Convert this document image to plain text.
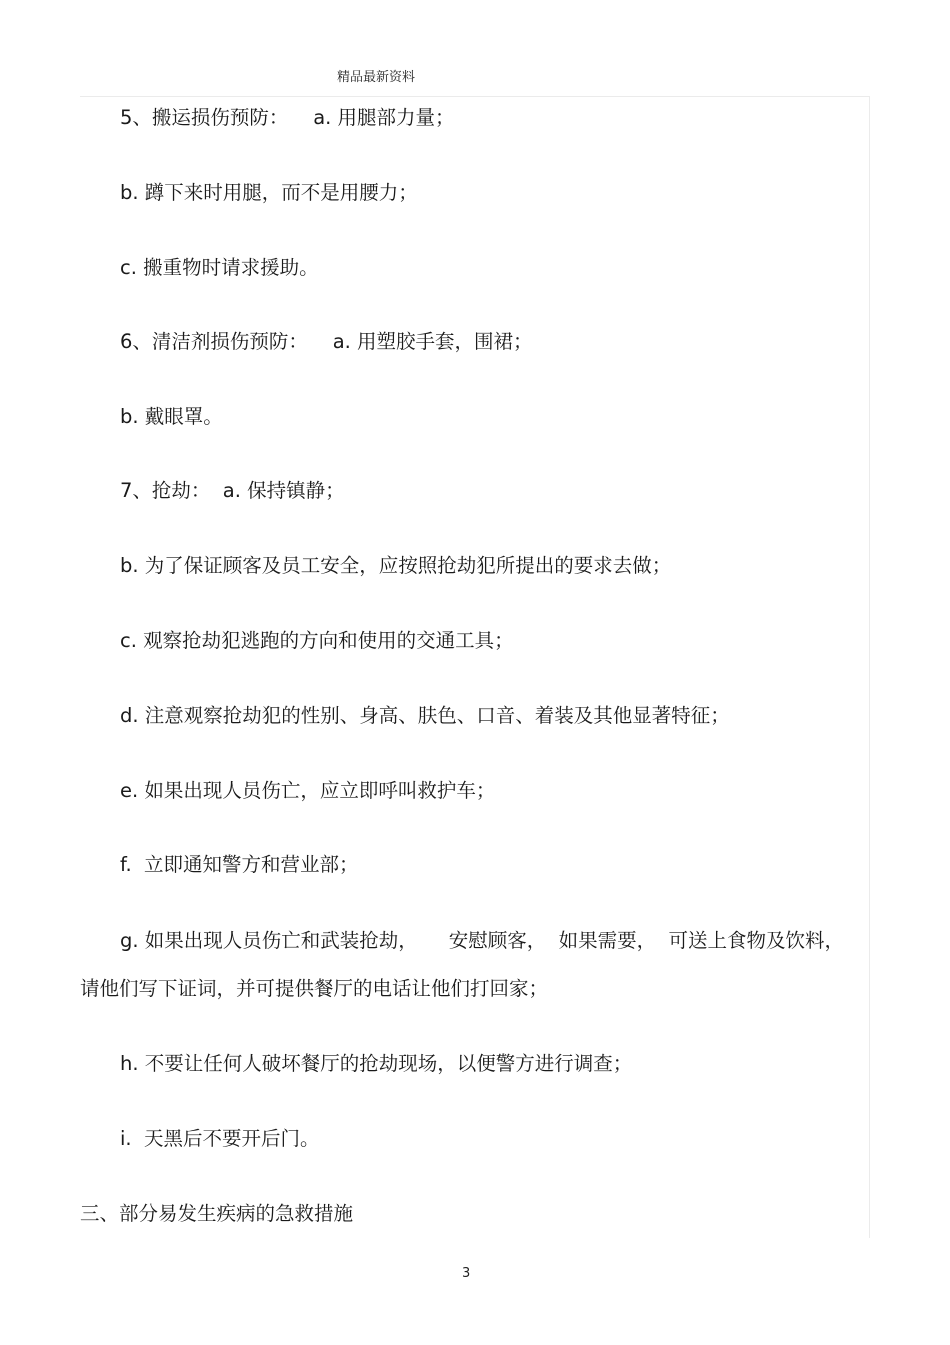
精品最新资料
5、搬运损伤预防：    a. 用腿部力量；
b. 蹲下来时用腿，而不是用腰力；
c. 搬重物时请求援助。
6、清洁剂损伤预防：    a. 用塑胶手套，围裙；
b. 戴眼罩。
7、抢劫：  a. 保持镇静；
b. 为了保证顾客及员工安全，应按照抢劫犯所提出的要求去做；
c. 观察抢劫犯逃跑的方向和使用的交通工具；
d. 注意观察抢劫犯的性别、身高、肤色、口音、着装及其他显著特征；
e. 如果出现人员伤亡，应立即呼叫救护车；
f.  立即通知警方和营业部；
g. 如果出现人员伤亡和武装抢劫，     安慰顾客，  如果需要，  可送上食物及饮料，
请他们写下证词，并可提供餐厅的电话让他们打回家；
h. 不要让任何人破坏餐厅的抢劫现场，以便警方进行调查；
i.  天黑后不要开后门。
三、部分易发生疾病的急救措施
3
